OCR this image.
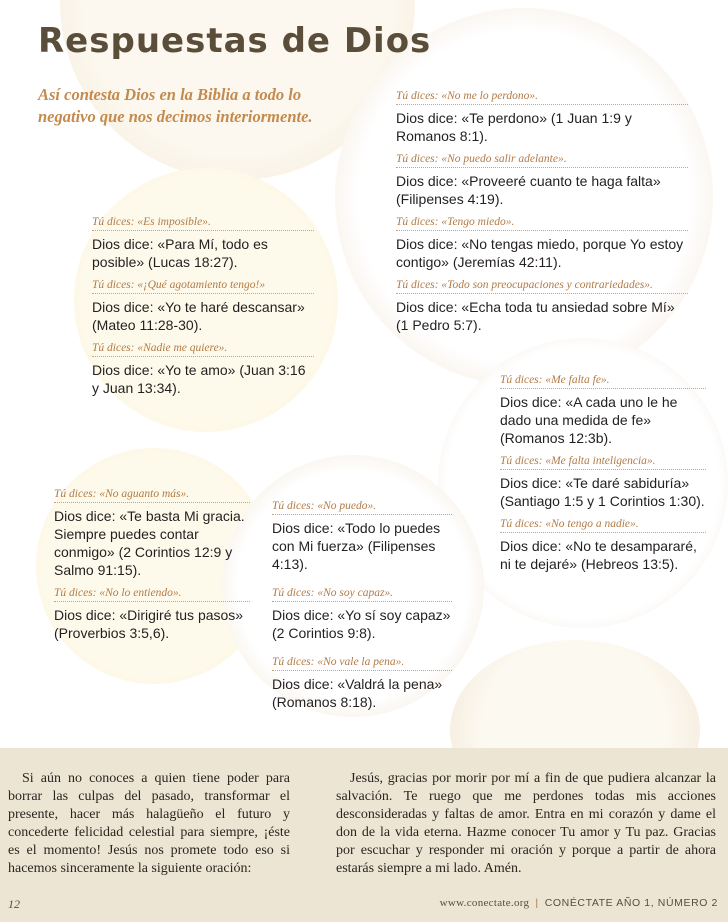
Respuestas de Dios

Así contesta Dios en la Biblia a todo lo negativo que nos decimos interiormente.

Tú dices: «No me lo perdono».

Dios dice: «Te perdono» (1 Juan 1:9 y Romanos 8:1).

Tú dices: «No puedo salir adelante».

Dios dice: «Proveeré cuanto te haga falta» (Filipenses 4:19).

Tú dices: «Tengo miedo».

Dios dice: «No tengas miedo, porque Yo estoy contigo» (Jeremías 42:11).

Tú dices: «Todo son preocupaciones y contrariedades».

Dios dice: «Echa toda tu ansiedad sobre Mí» (1 Pedro 5:7).

Tú dices: «Es imposible».

Dios dice: «Para Mí, todo es posible» (Lucas 18:27).

Tú dices: «¡Qué agotamiento tengo!»

Dios dice: «Yo te haré descansar» (Mateo 11:28-30).

Tú dices: «Nadie me quiere».

Dios dice: «Yo te amo» (Juan 3:16 y Juan 13:34).	Tú dices: «Me falta fe».

Dios dice: «A cada uno le he dado una medida de fe» (Romanos 12:3b).

Tú dices: «Me falta inteligencia».

Dios dice: «Te daré sabiduría» (Santiago 1:5 y 1 Corintios 1:30).

Tú dices: «No tengo a nadie».

Dios dice: «No te desampararé, ni te dejaré» (Hebreos 13:5).

Tú dices: «No aguanto más».

Dios dice: «Te basta Mi gracia. Siempre puedes contar conmigo» (2 Corintios 12:9 y Salmo 91:15).

Tú dices: «No lo entiendo».

Dios dice: «Dirigiré tus pasos» (Proverbios 3:5,6).

Tú dices: «No puedo».

Dios dice: «Todo lo puedes con Mi fuerza» (Filipenses 4:13).

Tú dices: «No soy capaz».

Dios dice: «Yo sí soy capaz» (2 Corintios 9:8).

Tú dices: «No vale la pena».

Dios dice: «Valdrá la pena» (Romanos 8:18).

Si aún no conoces a quien tiene poder para borrar las culpas del pasado, transformar el presente, hacer más halagüeño el futuro y concederte felicidad celestial para siempre, ¡éste es el momento! Jesús nos promete todo eso si hacemos sinceramente la siguiente oración:

Jesús, gracias por morir por mí a fin de que pudiera alcanzar la salvación. Te ruego que me perdones todas mis acciones desconsideradas y faltas de amor. Entra en mi corazón y dame el don de la vida eterna. Hazme conocer Tu amor y Tu paz. Gracias por escuchar y responder mi oración y porque a partir de ahora estarás siempre a mi lado. Amén.

12	www.conectate.org | CONÉCTATE AÑO 1, NÚMERO 2
